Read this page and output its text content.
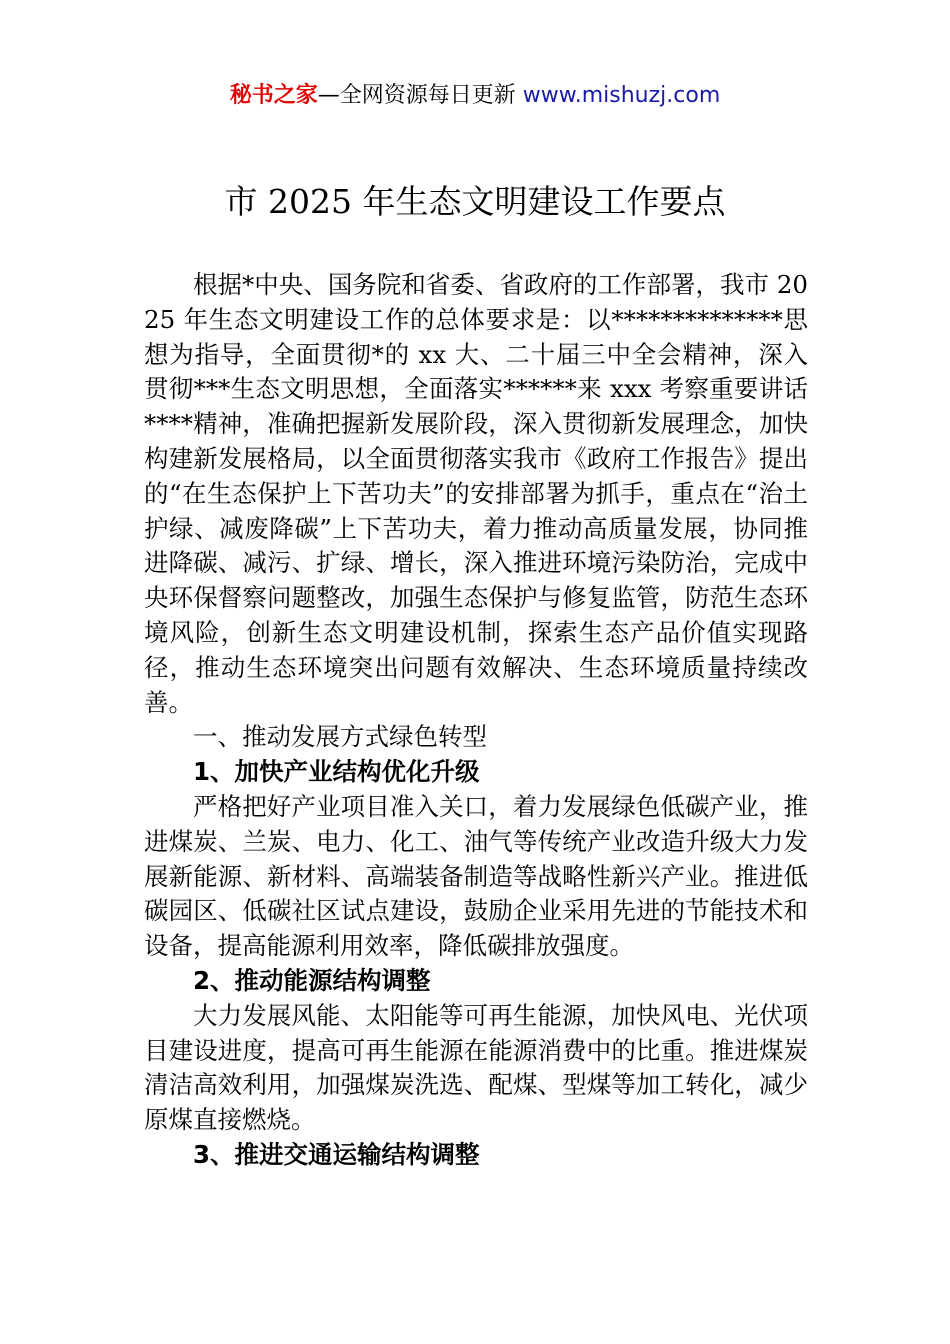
秘书之家—全网资源每日更新 www.mishuzj.com
市 2025 年生态文明建设工作要点

根据*中央、国务院和省委、省政府的工作部署，我市 2025 年生态文明建设工作的总体要求是：以**************思想为指导，全面贯彻*的 xx 大、二十届三中全会精神，深入贯彻***生态文明思想，全面落实******来 xxx 考察重要讲话****精神，准确把握新发展阶段，深入贯彻新发展理念，加快构建新发展格局，以全面贯彻落实我市《政府工作报告》提出的“在生态保护上下苦功夫”的安排部署为抓手，重点在“治土护绿、减废降碳”上下苦功夫，着力推动高质量发展，协同推进降碳、减污、扩绿、增长，深入推进环境污染防治，完成中央环保督察问题整改，加强生态保护与修复监管，防范生态环境风险，创新生态文明建设机制，探索生态产品价值实现路径，推动生态环境突出问题有效解决、生态环境质量持续改善。

一、推动发展方式绿色转型

1、加快产业结构优化升级

严格把好产业项目准入关口，着力发展绿色低碳产业，推进煤炭、兰炭、电力、化工、油气等传统产业改造升级大力发展新能源、新材料、高端装备制造等战略性新兴产业。推进低碳园区、低碳社区试点建设，鼓励企业采用先进的节能技术和设备，提高能源利用效率，降低碳排放强度。

2、推动能源结构调整

大力发展风能、太阳能等可再生能源，加快风电、光伏项目建设进度，提高可再生能源在能源消费中的比重。推进煤炭清洁高效利用，加强煤炭洗选、配煤、型煤等加工转化，减少原煤直接燃烧。

3、推进交通运输结构调整
